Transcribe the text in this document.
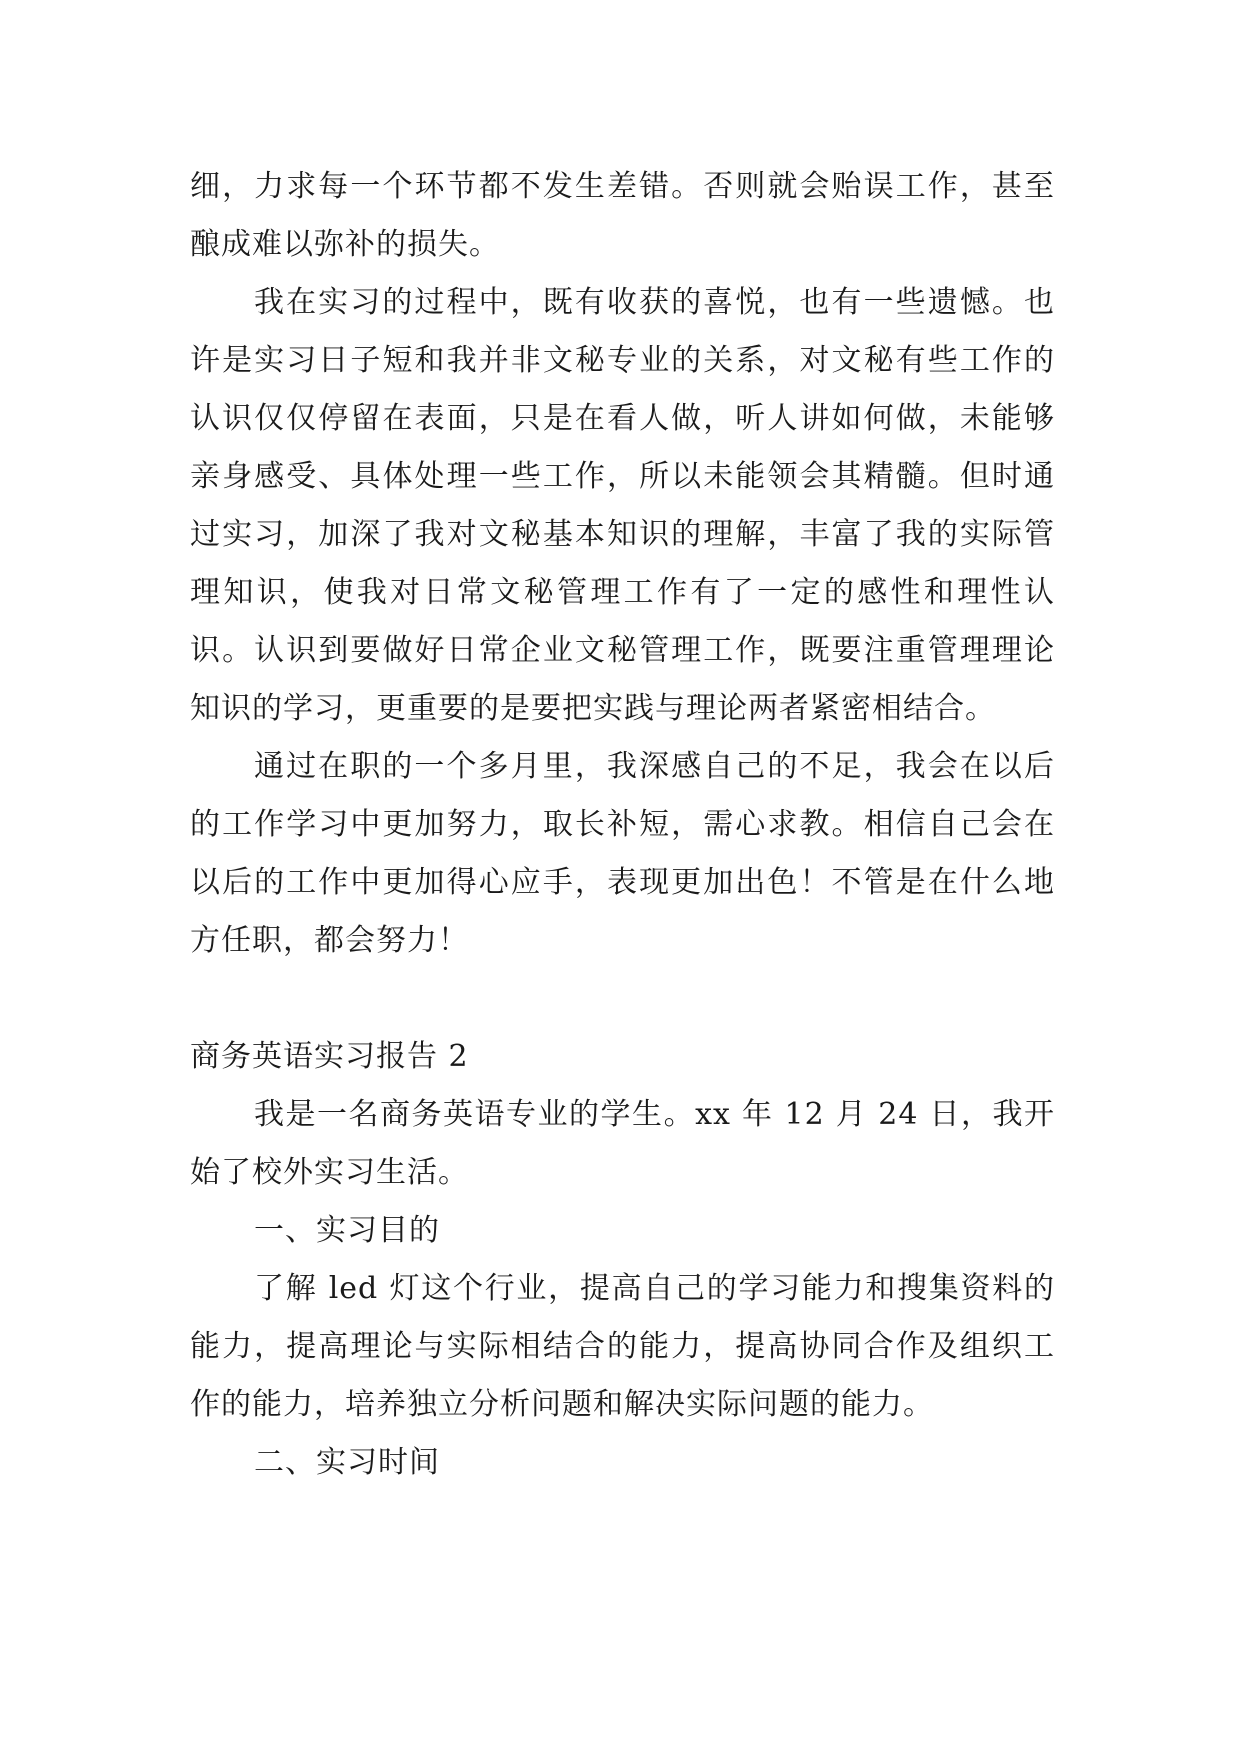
细，力求每一个环节都不发生差错。否则就会贻误工作，甚至酿成难以弥补的损失。

我在实习的过程中，既有收获的喜悦，也有一些遗憾。也许是实习日子短和我并非文秘专业的关系，对文秘有些工作的认识仅仅停留在表面，只是在看人做，听人讲如何做，未能够亲身感受、具体处理一些工作，所以未能领会其精髓。但时通过实习，加深了我对文秘基本知识的理解，丰富了我的实际管理知识，使我对日常文秘管理工作有了一定的感性和理性认识。认识到要做好日常企业文秘管理工作，既要注重管理理论知识的学习，更重要的是要把实践与理论两者紧密相结合。

通过在职的一个多月里，我深感自己的不足，我会在以后的工作学习中更加努力，取长补短，需心求教。相信自己会在以后的工作中更加得心应手，表现更加出色！不管是在什么地方任职，都会努力！

商务英语实习报告 2

我是一名商务英语专业的学生。xx 年 12 月 24 日，我开始了校外实习生活。

一、实习目的

了解 led 灯这个行业，提高自己的学习能力和搜集资料的能力，提高理论与实际相结合的能力，提高协同合作及组织工作的能力，培养独立分析问题和解决实际问题的能力。

二、实习时间
